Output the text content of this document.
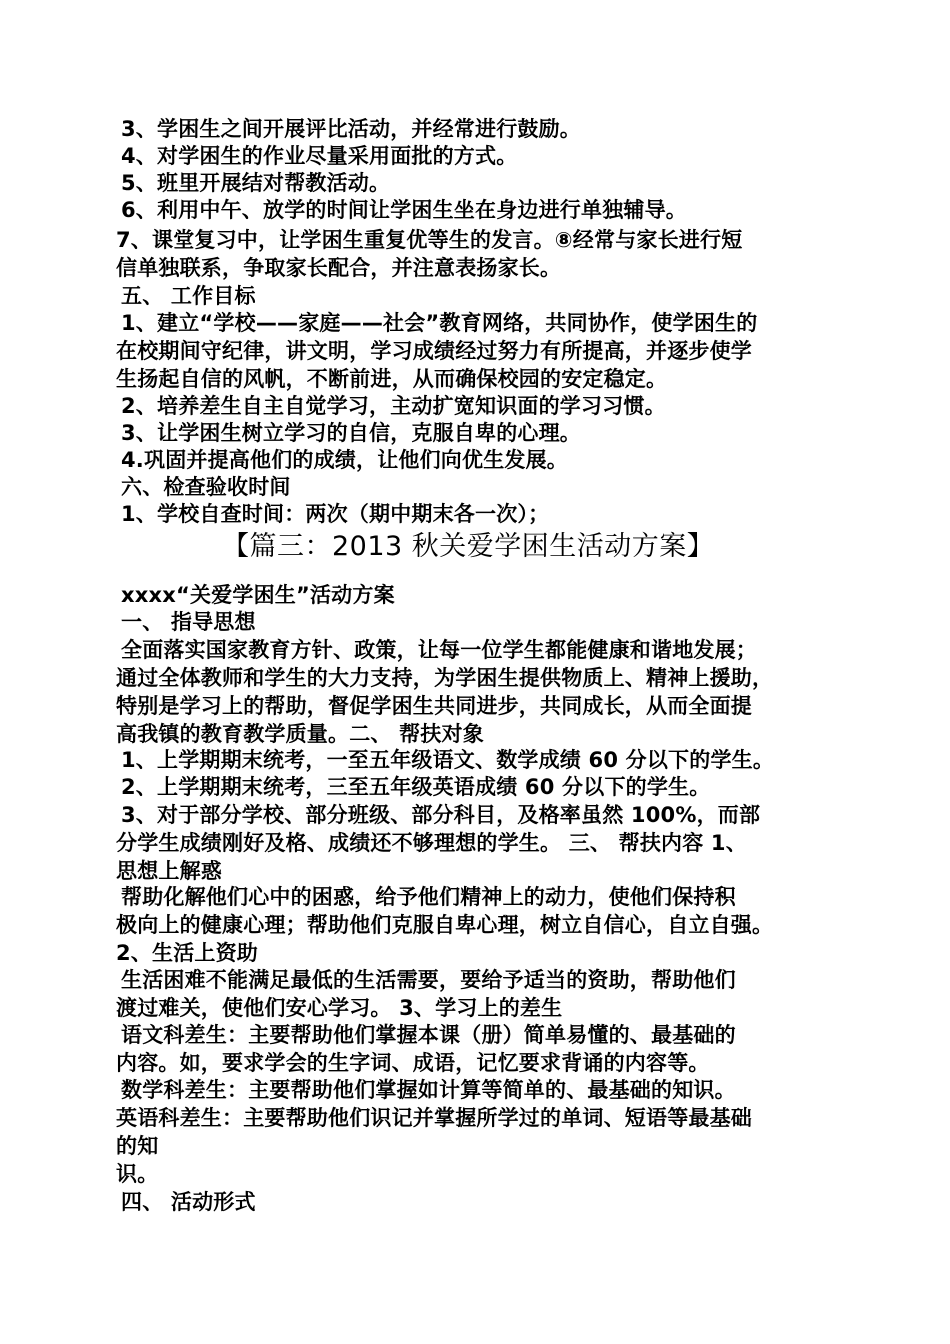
3、学困生之间开展评比活动，并经常进行鼓励。
4、对学困生的作业尽量采用面批的方式。
5、班里开展结对帮教活动。
6、利用中午、放学的时间让学困生坐在身边进行单独辅导。
7、课堂复习中，让学困生重复优等生的发言。⑧经常与家长进行短
信单独联系，争取家长配合，并注意表扬家长。
五、 工作目标
1、建立“学校——家庭——社会”教育网络，共同协作，使学困生的
在校期间守纪律，讲文明，学习成绩经过努力有所提高，并逐步使学
生扬起自信的风帆，不断前进，从而确保校园的安定稳定。
2、培养差生自主自觉学习，主动扩宽知识面的学习习惯。
3、让学困生树立学习的自信，克服自卑的心理。
4.巩固并提高他们的成绩，让他们向优生发展。
六、检查验收时间
1、学校自查时间：两次（期中期末各一次）；
【篇三：2013 秋关爱学困生活动方案】
xxxx“关爱学困生”活动方案
一、 指导思想
全面落实国家教育方针、政策，让每一位学生都能健康和谐地发展；
通过全体教师和学生的大力支持，为学困生提供物质上、精神上援助，
特别是学习上的帮助，督促学困生共同进步，共同成长，从而全面提
高我镇的教育教学质量。二、 帮扶对象
1、上学期期末统考，一至五年级语文、数学成绩 60 分以下的学生。
2、上学期期末统考，三至五年级英语成绩 60 分以下的学生。
3、对于部分学校、部分班级、部分科目，及格率虽然 100%，而部
分学生成绩刚好及格、成绩还不够理想的学生。 三、 帮扶内容 1、
思想上解惑
帮助化解他们心中的困惑，给予他们精神上的动力，使他们保持积
极向上的健康心理；帮助他们克服自卑心理，树立自信心，自立自强。
2、生活上资助
生活困难不能满足最低的生活需要，要给予适当的资助，帮助他们
渡过难关，使他们安心学习。 3、学习上的差生
语文科差生：主要帮助他们掌握本课（册）简单易懂的、最基础的
内容。如，要求学会的生字词、成语，记忆要求背诵的内容等。
数学科差生：主要帮助他们掌握如计算等简单的、最基础的知识。
英语科差生：主要帮助他们识记并掌握所学过的单词、短语等最基础
的知
识。
四、 活动形式
